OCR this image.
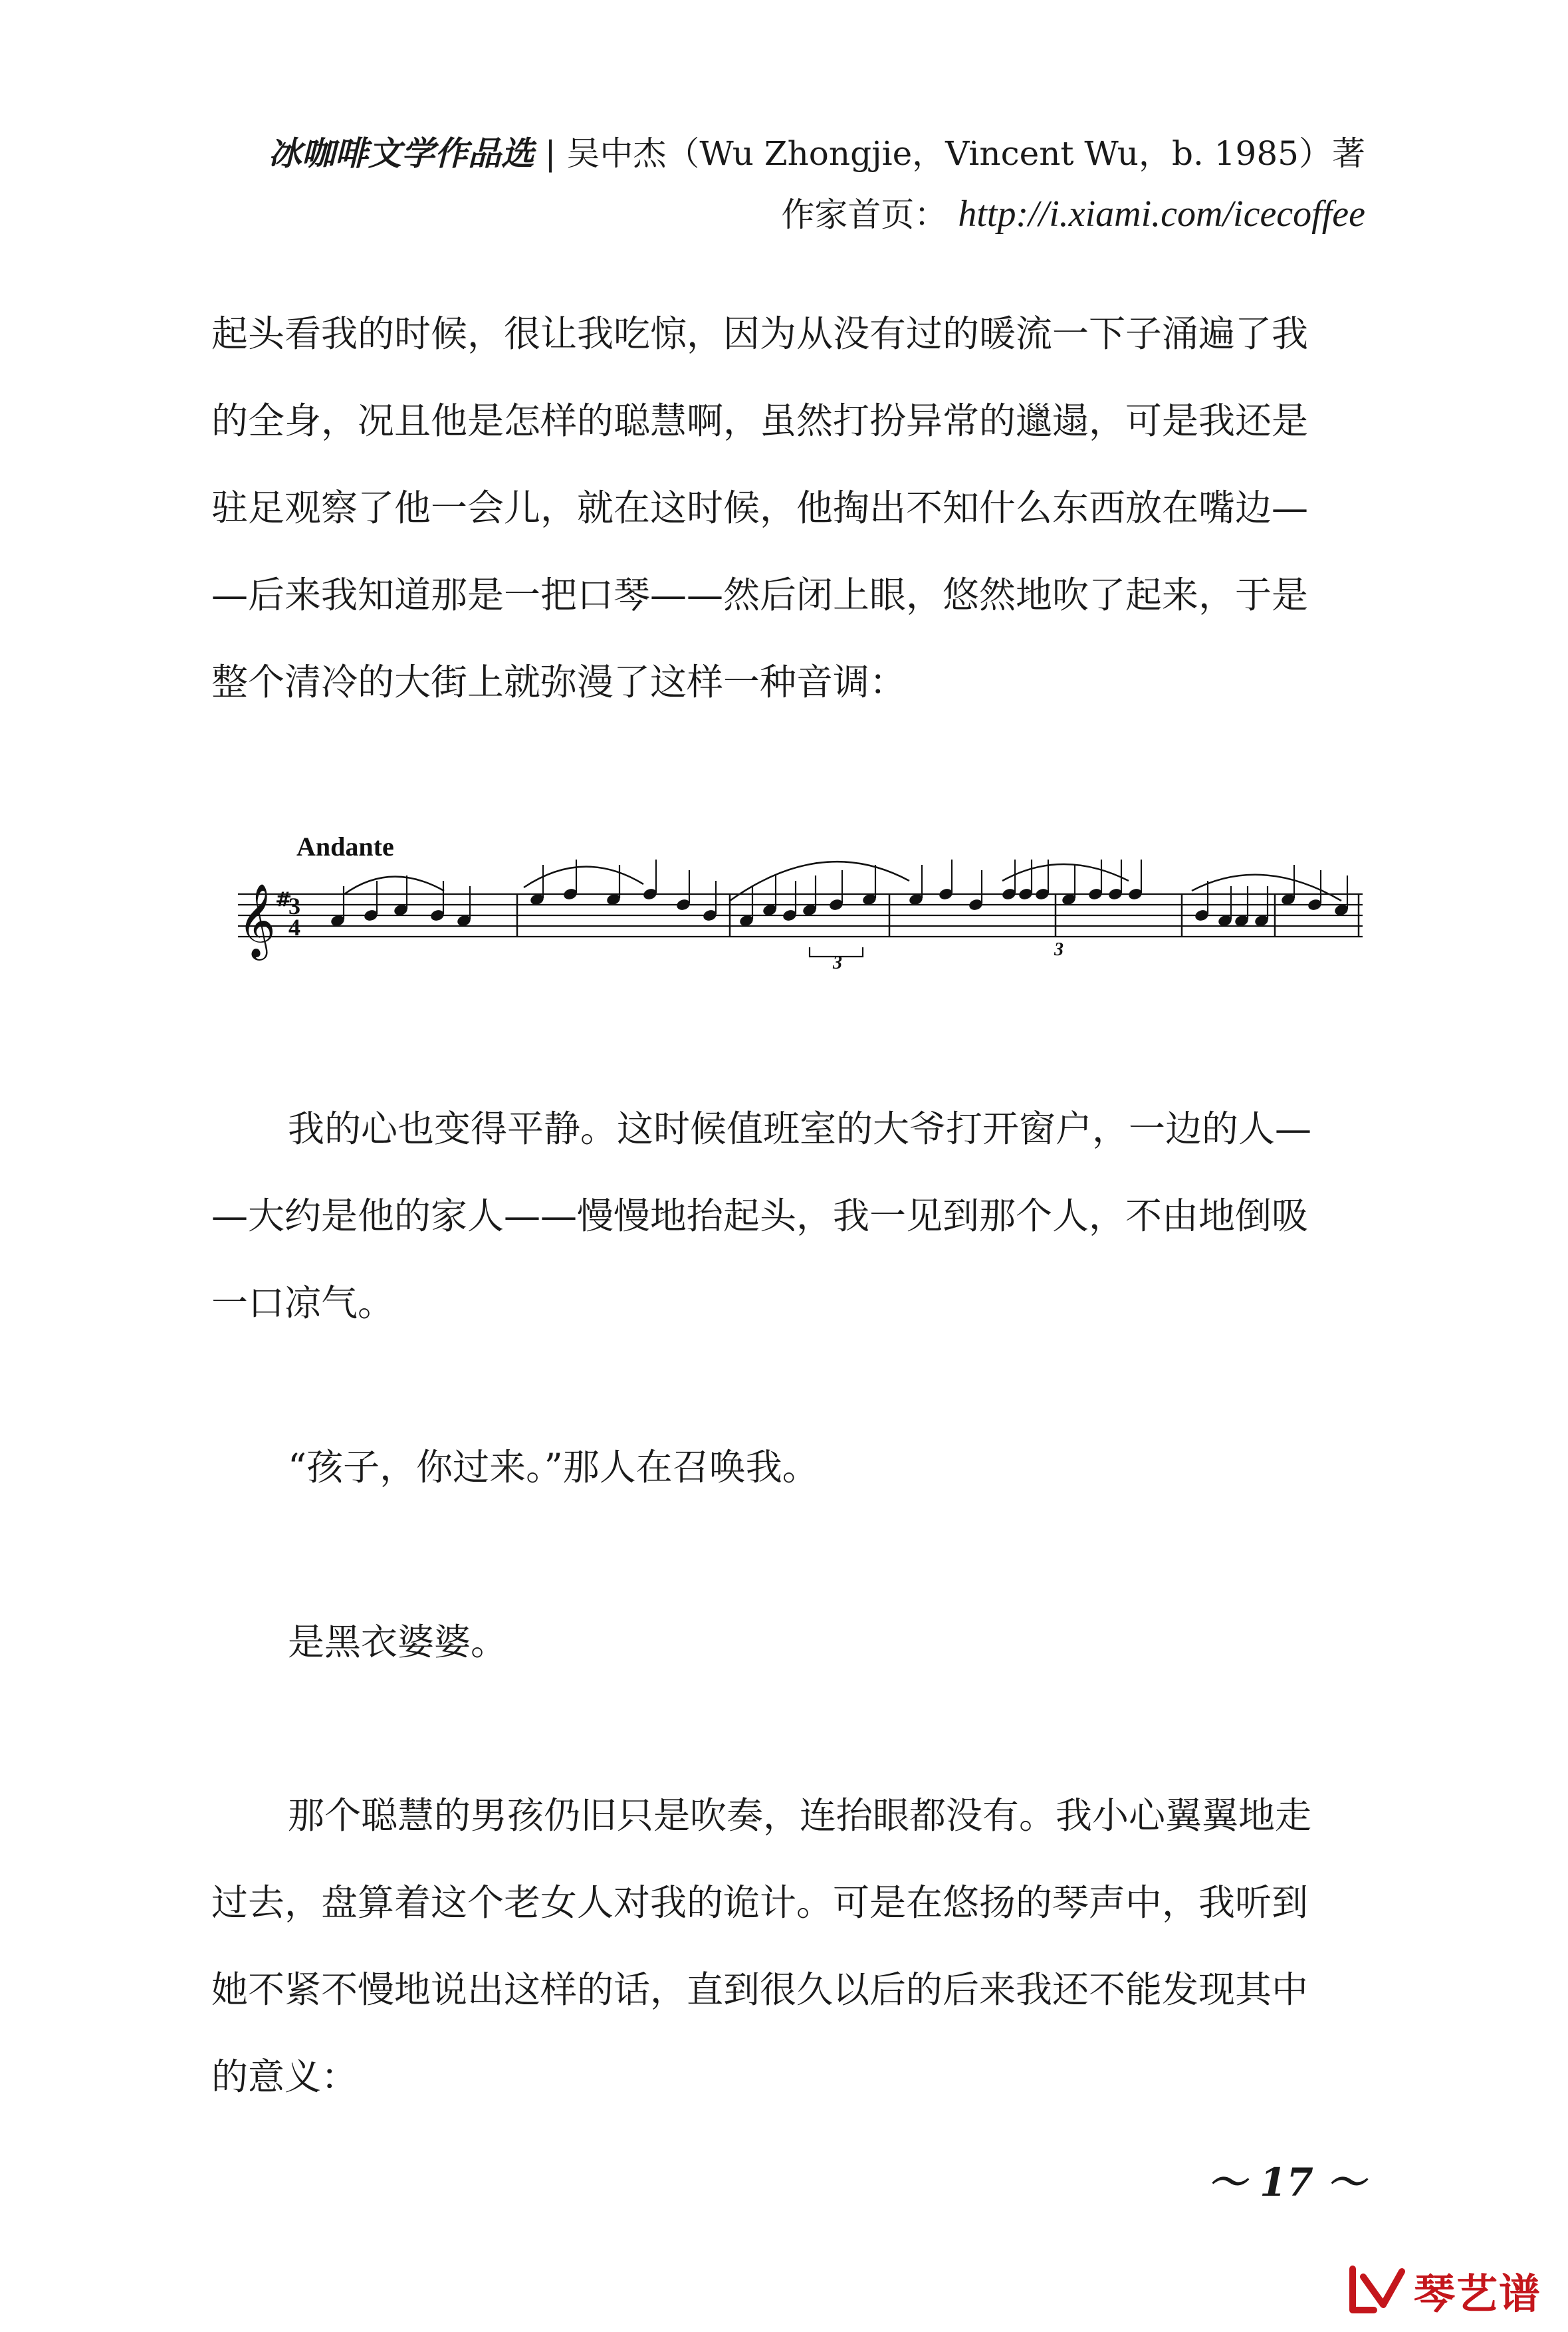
冰咖啡文学作品选 | 吴中杰（Wu Zhongjie，Vincent Wu，b. 1985）著
作家首页： http://i.xiami.com/icecoffee
起头看我的时候，很让我吃惊，因为从没有过的暖流一下子涌遍了我
的全身，况且他是怎样的聪慧啊，虽然打扮异常的邋遢，可是我还是
驻足观察了他一会儿，就在这时候，他掏出不知什么东西放在嘴边—
—后来我知道那是一把口琴——然后闭上眼，悠然地吹了起来，于是
整个清冷的大街上就弥漫了这样一种音调：
Andante
𝄞 #
3
4
3
3
我的心也变得平静。这时候值班室的大爷打开窗户，一边的人—
—大约是他的家人——慢慢地抬起头，我一见到那个人，不由地倒吸
一口凉气。
“孩子，你过来。”那人在召唤我。
是黑衣婆婆。
那个聪慧的男孩仍旧只是吹奏，连抬眼都没有。我小心翼翼地走
过去，盘算着这个老女人对我的诡计。可是在悠扬的琴声中，我听到
她不紧不慢地说出这样的话，直到很久以后的后来我还不能发现其中
的意义：
～ 17 ～
琴艺谱
